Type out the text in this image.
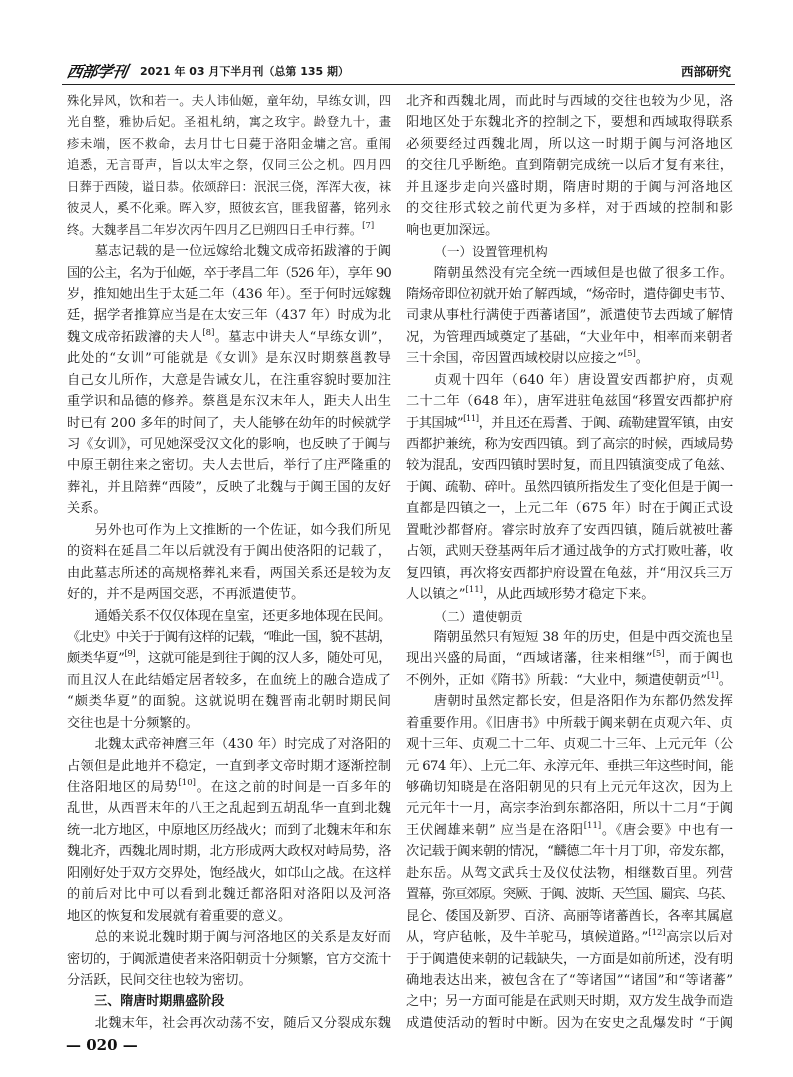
西部学刊 2021 年 03 月下半月刊（总第 135 期）	西部研究
殊化异风，饮和若一。夫人讳仙姬，童年幼，早练女训，四
光自整，雅协后妃。圣祖札纳，寓之玫宇。龄登九十，畫
疹未端，医不救命，去月廿七日薨于洛阳金墉之宫。重闱
追悉，无言哥声，旨以太牢之祭，仅同三公之机。四月四
日葬于西陵，谥日恭。依颂辞曰：泯泯三侥，浑浑大夜，袜
彼灵人，奚不化乘。晖入穸，照彼玄宫，匪我留蕃，铭列永
终。大魏孝昌二年岁次丙午四月乙巳朔四日壬申行葬。[7]
墓志记载的是一位远嫁给北魏文成帝拓跋濬的于阗
国的公主，名为于仙姬，卒于孝昌二年（526 年），享年 90
岁，推知她出生于太延二年（436 年）。至于何时远嫁魏
廷，据学者推算应当是在太安三年（437 年）时成为北
魏文成帝拓跋濬的夫人[8]。墓志中讲夫人“早练女训”，
此处的“女训”可能就是《女训》是东汉时期蔡邕教导
自己女儿所作，大意是告诫女儿，在注重容貌时要加注
重学识和品德的修养。蔡邕是东汉末年人，距夫人出生
时已有 200 多年的时间了，夫人能够在幼年的时候就学
习《女训》，可见她深受汉文化的影响，也反映了于阗与
中原王朝往来之密切。夫人去世后，举行了庄严隆重的
葬礼，并且陪葬“西陵”，反映了北魏与于阗王国的友好
关系。
另外也可作为上文推断的一个佐证，如今我们所见
的资料在延昌二年以后就没有于阗出使洛阳的记载了，
由此墓志所述的高规格葬礼来看，两国关系还是较为友
好的，并不是两国交恶，不再派遣使节。
通婚关系不仅仅体现在皇室，还更多地体现在民间。
《北史》中关于于阗有这样的记载，“唯此一国，貌不甚胡，
颇类华夏”[9]，这就可能是到往于阗的汉人多，随处可见，
而且汉人在此结婚定居者较多，在血统上的融合造成了
“颇类华夏”的面貌。这就说明在魏晋南北朝时期民间
交往也是十分频繁的。
北魏太武帝神麿三年（430 年）时完成了对洛阳的
占领但是此地并不稳定，一直到孝文帝时期才逐渐控制
住洛阳地区的局势[10]。在这之前的时间是一百多年的
乱世，从西晋末年的八王之乱起到五胡乱华一直到北魏
统一北方地区，中原地区历经战火；而到了北魏末年和东
魏北齐，西魏北周时期，北方形成两大政权对峙局势，洛
阳刚好处于双方交界处，饱经战火，如邙山之战。在这样
的前后对比中可以看到北魏迁都洛阳对洛阳以及河洛
地区的恢复和发展就有着重要的意义。
总的来说北魏时期于阗与河洛地区的关系是友好而
密切的，于阗派遣使者来洛阳朝贡十分频繁，官方交流十
分活跃，民间交往也较为密切。
三、隋唐时期鼎盛阶段
北魏末年，社会再次动荡不安，随后又分裂成东魏
北齐和西魏北周，而此时与西域的交往也较为少见，洛
阳地区处于东魏北齐的控制之下，要想和西域取得联系
必须要经过西魏北周，所以这一时期于阗与河洛地区
的交往几乎断绝。直到隋朝完成统一以后才复有来往，
并且逐步走向兴盛时期，隋唐时期的于阗与河洛地区
的交往形式较之前代更为多样，对于西域的控制和影
响也更加深远。
（一）设置管理机构
隋朝虽然没有完全统一西域但是也做了很多工作。
隋炀帝即位初就开始了解西域，“炀帝时，遣侍御史韦节、
司隶从事杜行满使于西蕃诸国”，派遣使节去西域了解情
况，为管理西域奠定了基础，“大业年中，相率而来朝者
三十余国，帝因置西域校尉以应接之”[5]。
贞观十四年（640 年）唐设置安西都护府，贞观
二十二年（648 年），唐军进驻龟兹国“移置安西都护府
于其国城”[11]，并且还在焉耆、于阗、疏勒建置军镇，由安
西都护兼统，称为安西四镇。到了高宗的时候，西域局势
较为混乱，安西四镇时罢时复，而且四镇演变成了龟兹、
于阗、疏勒、碎叶。虽然四镇所指发生了变化但是于阗一
直都是四镇之一，上元二年（675 年）时在于阗正式设
置毗沙都督府。睿宗时放弃了安西四镇，随后就被吐蕃
占领，武则天登基两年后才通过战争的方式打败吐蕃，收
复四镇，再次将安西都护府设置在龟兹，并“用汉兵三万
人以镇之”[11]，从此西域形势才稳定下来。
（二）遣使朝贡
隋朝虽然只有短短 38 年的历史，但是中西交流也呈
现出兴盛的局面，“西域诸藩，往来相继”[5]，而于阗也
不例外，正如《隋书》所载：“大业中，频遣使朝贡”[1]。
唐朝时虽然定都长安，但是洛阳作为东都仍然发挥
着重要作用。《旧唐书》中所载于阗来朝在贞观六年、贞
观十三年、贞观二十二年、贞观二十三年、上元元年（公
元 674 年）、上元二年、永淳元年、垂拱三年这些时间，能
够确切知晓是在洛阳朝见的只有上元元年这次，因为上
元元年十一月，高宗李治到东都洛阳，所以十二月“于阗
王伏阇雄来朝” 应当是在洛阳[11]。《唐会要》中也有一
次记载于阗来朝的情况，“麟德二年十月丁卯，帝发东都，
赴东岳。从驾文武兵士及仪仗法物，相继数百里。列营
置幕，弥亘郊原。突厥、于阗、波斯、天竺国、罽宾、乌苌、
昆仑、倭国及新罗、百济、高丽等诸蕃酋长，各率其属扈
从，穹庐毡帐，及牛羊驼马，填候道路。”[12]高宗以后对
于于阗遣使来朝的记载缺失，一方面是如前所述，没有明
确地表达出来，被包含在了“等诸国”“诸国”和“等诸蕃”
之中；另一方面可能是在武则天时期，双方发生战争而造
成遣使活动的暂时中断。因为在安史之乱爆发时 “于阗
— 020 —
